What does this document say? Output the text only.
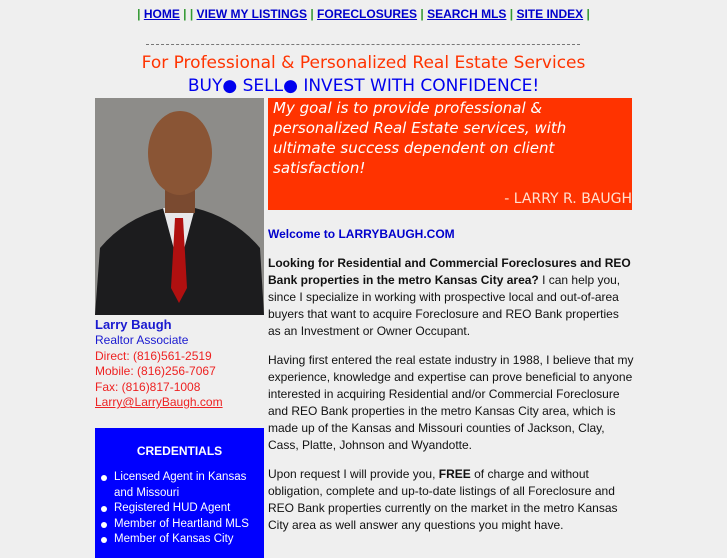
| HOME | | VIEW MY LISTINGS | FORECLOSURES | SEARCH MLS | SITE INDEX |
For Professional & Personalized Real Estate Services
BUY● SELL● INVEST WITH CONFIDENCE!
My goal is to provide professional & personalized Real Estate services, with ultimate success dependent on client satisfaction!
- LARRY R. BAUGH
Larry Baugh
Realtor Associate
Direct: (816)561-2519
Mobile: (816)256-7067
Fax: (816)817-1008
Larry@LarryBaugh.com
CREDENTIALS
Licensed Agent in Kansas and Missouri
Registered HUD Agent
Member of Heartland MLS
Member of Kansas City

Welcome to LARRYBAUGH.COM

Looking for Residential and Commercial Foreclosures and REO Bank properties in the metro Kansas City area? I can help you, since I specialize in working with prospective local and out-of-area buyers that want to acquire Foreclosure and REO Bank properties as an Investment or Owner Occupant.

Having first entered the real estate industry in 1988, I believe that my experience, knowledge and expertise can prove beneficial to anyone interested in acquiring Residential and/or Commercial Foreclosure and REO Bank properties in the metro Kansas City area, which is made up of the Kansas and Missouri counties of Jackson, Clay, Cass, Platte, Johnson and Wyandotte.

Upon request I will provide you, FREE of charge and without obligation, complete and up-to-date listings of all Foreclosure and REO Bank properties currently on the market in the metro Kansas City area as well answer any questions you might have.
